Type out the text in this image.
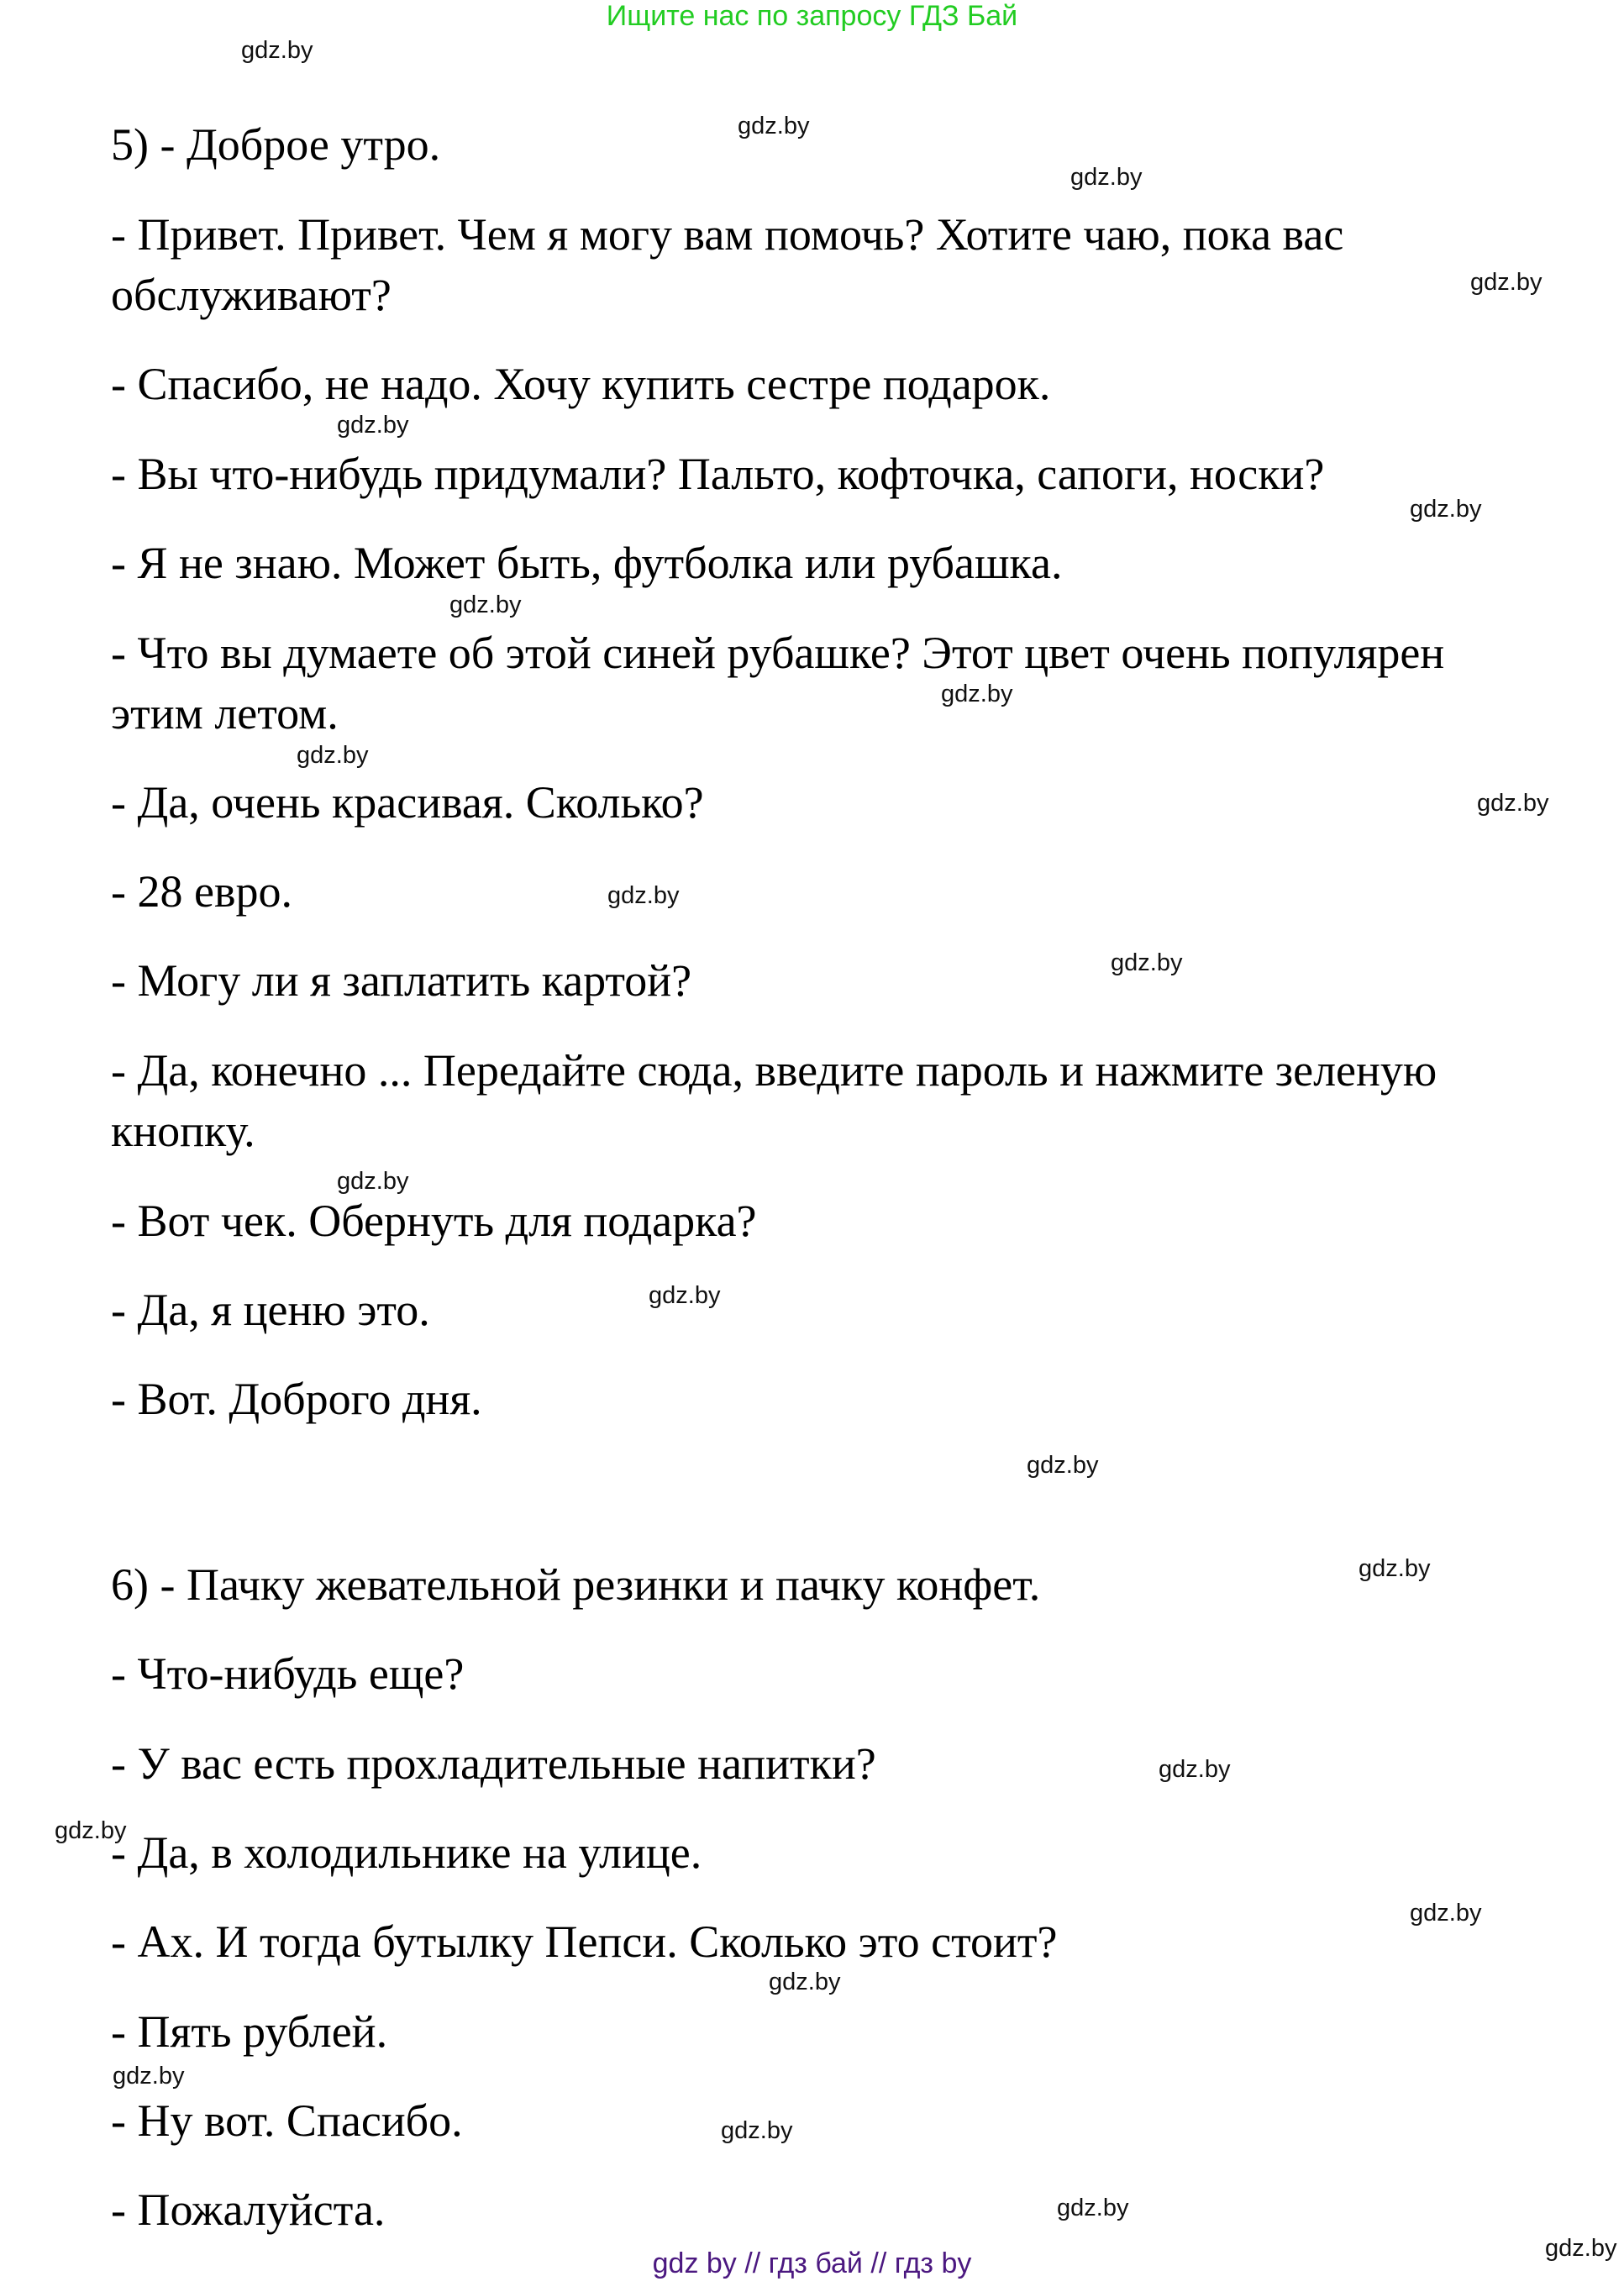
Ищите нас по запросу ГДЗ Бай
5) - Доброе утро.
- Привет. Привет. Чем я могу вам помочь? Хотите чаю, пока вас
обслуживают?
- Спасибо, не надо. Хочу купить сестре подарок.
- Вы что-нибудь придумали? Пальто, кофточка, сапоги, носки?
- Я не знаю. Может быть, футболка или рубашка.
- Что вы думаете об этой синей рубашке? Этот цвет очень популярен
этим летом.
- Да, очень красивая. Сколько?
- 28 евро.
- Могу ли я заплатить картой?
- Да, конечно ... Передайте сюда, введите пароль и нажмите зеленую
кнопку.
- Вот чек. Обернуть для подарка?
- Да, я ценю это.
- Вот. Доброго дня.
6) - Пачку жевательной резинки и пачку конфет.
- Что-нибудь еще?
- У вас есть прохладительные напитки?
- Да, в холодильнике на улице.
- Ах. И тогда бутылку Пепси. Сколько это стоит?
- Пять рублей.
- Ну вот. Спасибо.
- Пожалуйста.
gdz.by
gdz.by
gdz.by
gdz.by
gdz.by
gdz.by
gdz.by
gdz.by
gdz.by
gdz.by
gdz.by
gdz.by
gdz.by
gdz.by
gdz.by
gdz.by
gdz.by
gdz.by
gdz.by
gdz.by
gdz.by
gdz.by
gdz.by
gdz.by
gdz by // гдз бай // гдз by
